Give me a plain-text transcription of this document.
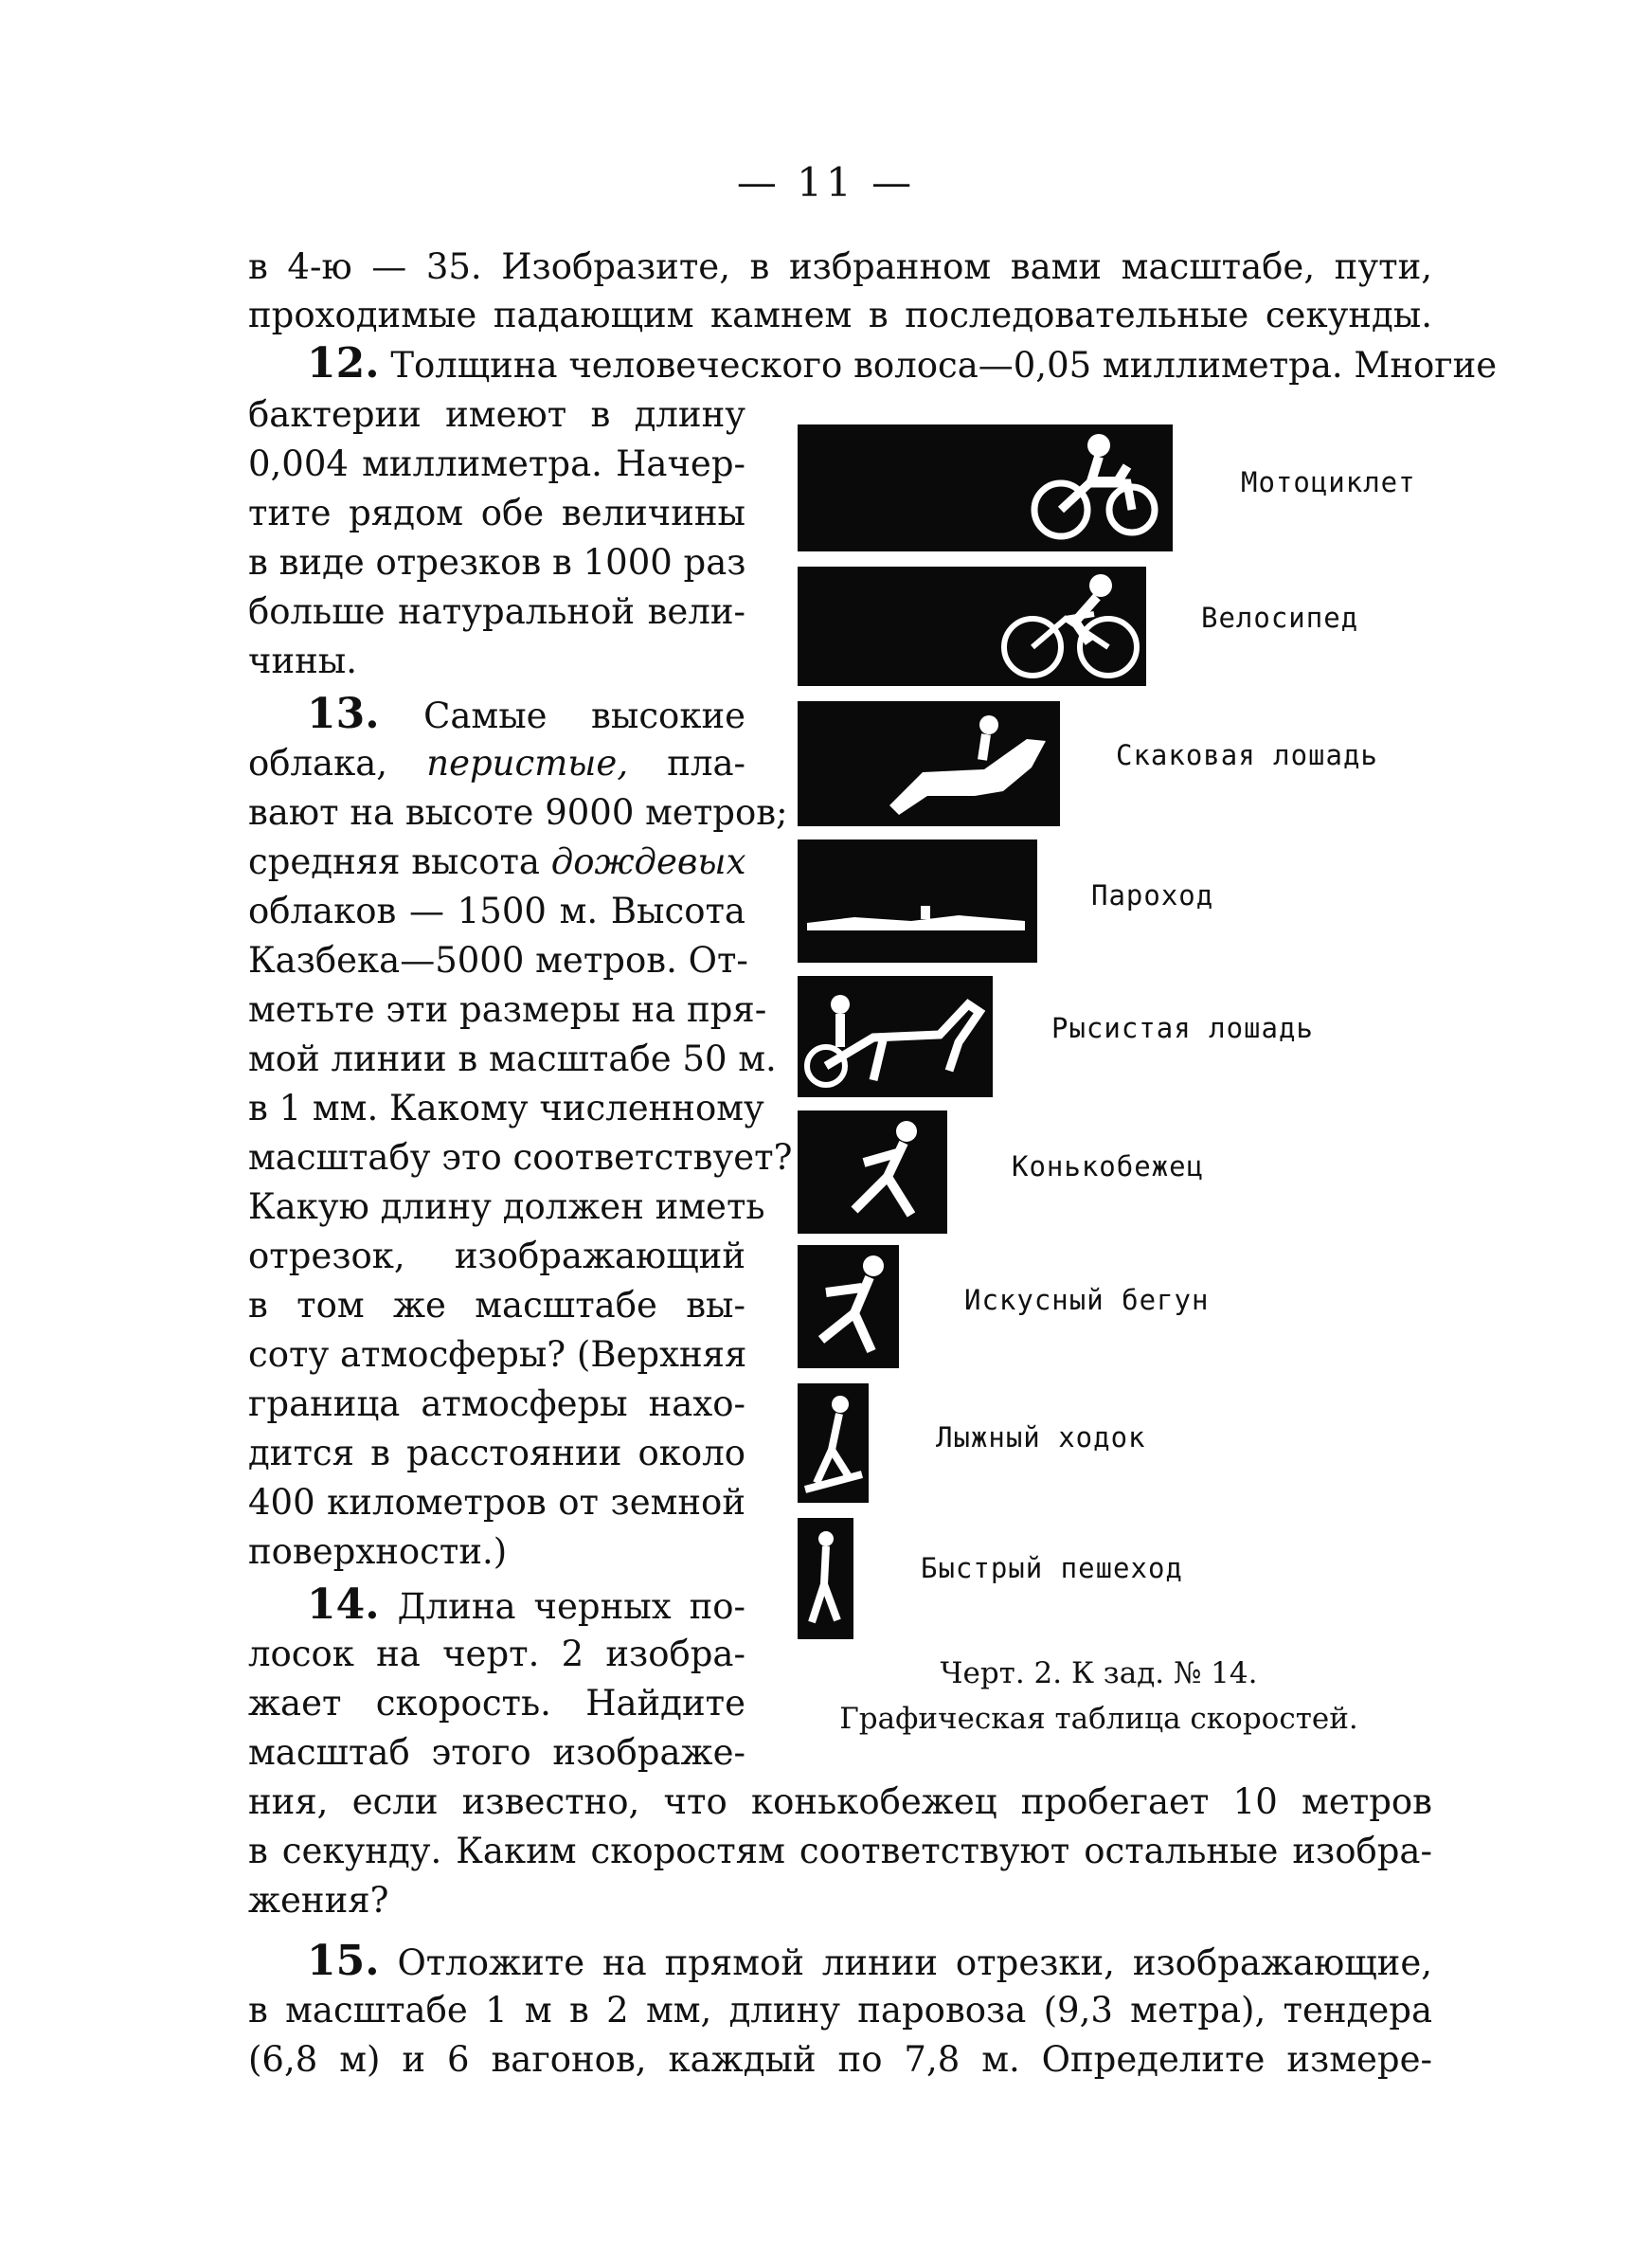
— 11 —
в 4-ю — 35. Изобразите, в избранном вами масштабе, пути,
проходимые падающим камнем в последовательные секунды.
12. Толщина человеческого волоса—0,05 миллиметра. Многие
бактерии имеют в длину
0,004 миллиметра. Начер-
тите рядом обе величины
в виде отрезков в 1000 раз
больше натуральной вели-
чины.
13. Самые высокие
облака, перистые, пла-
вают на высоте 9000 метров;
средняя высота дождевых
облаков — 1500 м. Высота
Казбека—5000 метров. От-
метьте эти размеры на пря-
мой линии в масштабе 50 м.
в 1 мм. Какому численному
масштабу это соответствует?
Какую длину должен иметь
отрезок, изображающий
в том же масштабе вы-
соту атмосферы? (Верхняя
граница атмосферы нахо-
дится в расстоянии около
400 километров от земной
поверхности.)
14. Длина черных по-
лосок на черт. 2 изобра-
жает скорость. Найдите
масштаб этого изображе-
ния, если известно, что конькобежец пробегает 10 метров
в секунду. Каким скоростям соответствуют остальные изобра-
жения?
15. Отложите на прямой линии отрезки, изображающие,
в масштабе 1 м в 2 мм, длину паровоза (9,3 метра), тендера
(6,8 м) и 6 вагонов, каждый по 7,8 м. Определите измере-
Мотоциклет
Велосипед
Скаковая лошадь
Пароход
Рысистая лошадь
Конькобежец
Искусный бегун
Лыжный ходок
Быстрый пешеход
Черт. 2. К зад. № 14.
Графическая таблица скоростей.
